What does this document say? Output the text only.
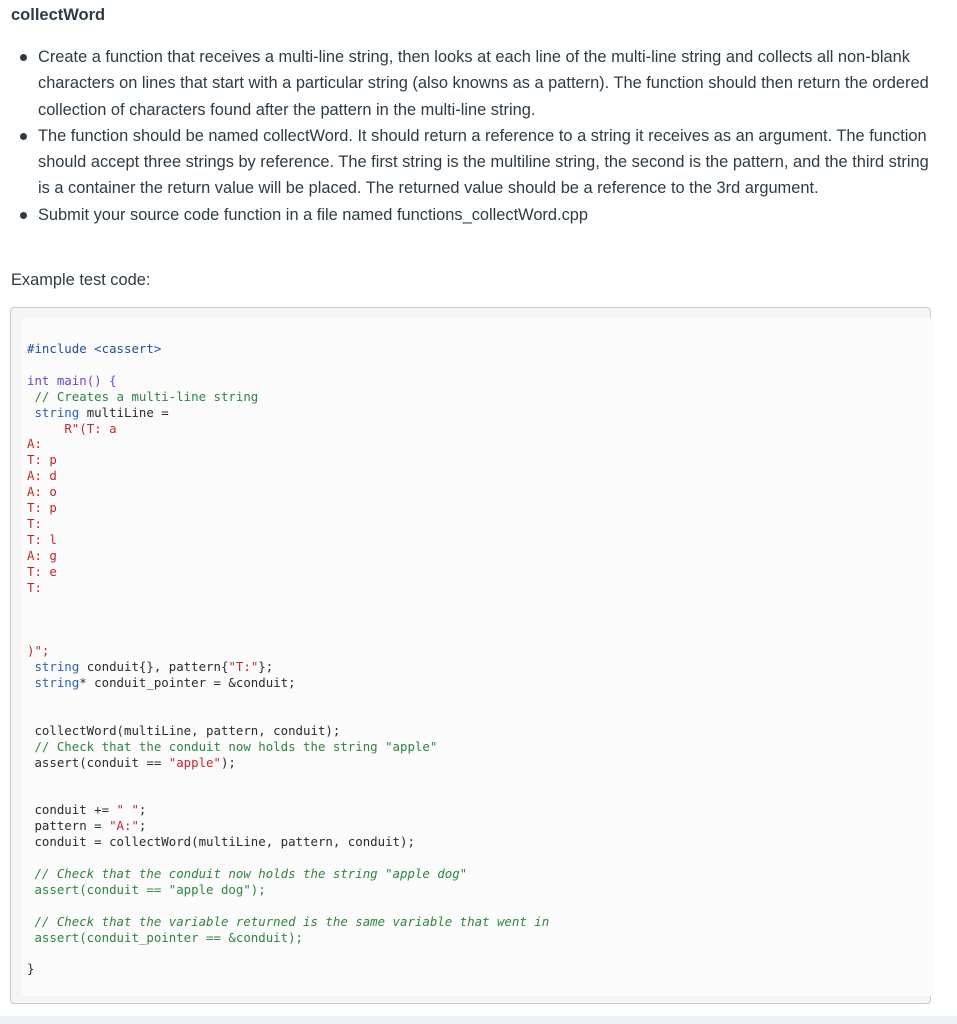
collectWord
Create a function that receives a multi-line string, then looks at each line of the multi-line string and collects all non-blank characters on lines that start with a particular string (also knowns as a pattern). The function should then return the ordered collection of characters found after the pattern in the multi-line string.
The function should be named collectWord. It should return a reference to a string it receives as an argument. The function should accept three strings by reference. The first string is the multiline string, the second is the pattern, and the third string is a container the return value will be placed. The returned value should be a reference to the 3rd argument.
Submit your source code function in a file named functions_collectWord.cpp
Example test code:
#include <cassert>

int main() {
// Creates a multi-line string
string multiLine =
R"(T: a
A:
T: p
A: d
A: o
T: p
T:
T: l
A: g
T: e
T:

)";
string conduit{}, pattern{"T:"};
string* conduit_pointer = &conduit;

collectWord(multiLine, pattern, conduit);
// Check that the conduit now holds the string "apple"
assert(conduit == "apple");

conduit += " ";
pattern = "A:";
conduit = collectWord(multiLine, pattern, conduit);

// Check that the conduit now holds the string "apple dog"
assert(conduit == "apple dog");

// Check that the variable returned is the same variable that went in
assert(conduit_pointer == &conduit);

}
